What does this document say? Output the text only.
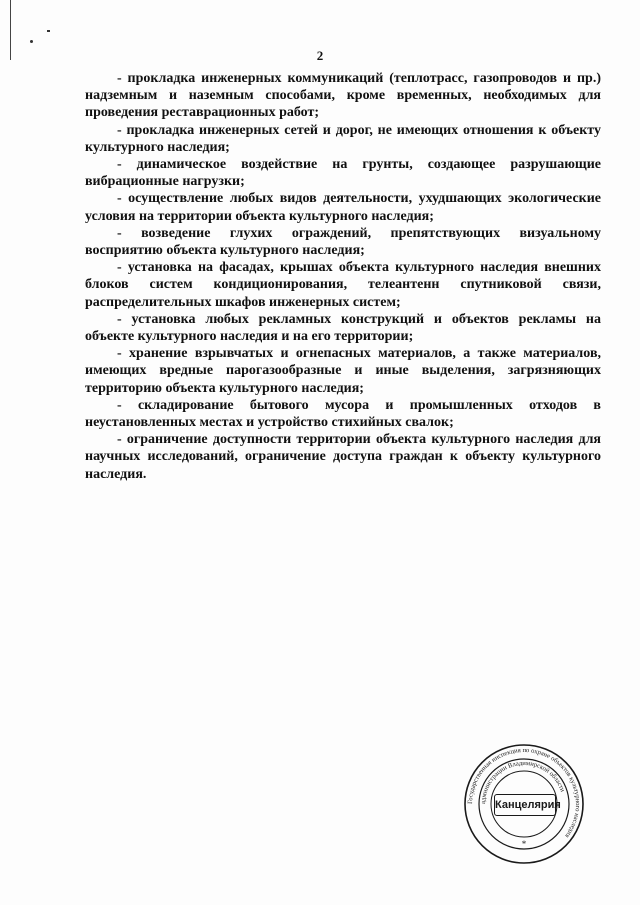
2

- прокладка инженерных коммуникаций (теплотрасс, газопроводов и пр.) надземным и наземным способами, кроме временных, необходимых для проведения реставрационных работ;

- прокладка инженерных сетей и дорог, не имеющих отношения к объекту культурного наследия;

- динамическое воздействие на грунты, создающее разрушающие вибрационные нагрузки;

- осуществление любых видов деятельности, ухудшающих экологические условия на территории объекта культурного наследия;

- возведение глухих ограждений, препятствующих визуальному восприятию объекта культурного наследия;

- установка на фасадах, крышах объекта культурного наследия внешних блоков систем кондиционирования, телеантенн спутниковой связи, распределительных шкафов инженерных систем;

- установка любых рекламных конструкций и объектов рекламы на объекте культурного наследия и на его территории;

- хранение взрывчатых и огнепасных материалов, а также материалов, имеющих вредные парогазообразные и иные выделения, загрязняющих территорию объекта культурного наследия;

- складирование бытового мусора и промышленных отходов в неустановленных местах и устройство стихийных свалок;

- ограничение доступности территории объекта культурного наследия для научных исследований, ограничение доступа граждан к объекту культурного наследия.

Государственная инспекция по охране объектов культурного наследия
администрации Владимирской области
*
Канцелярия
